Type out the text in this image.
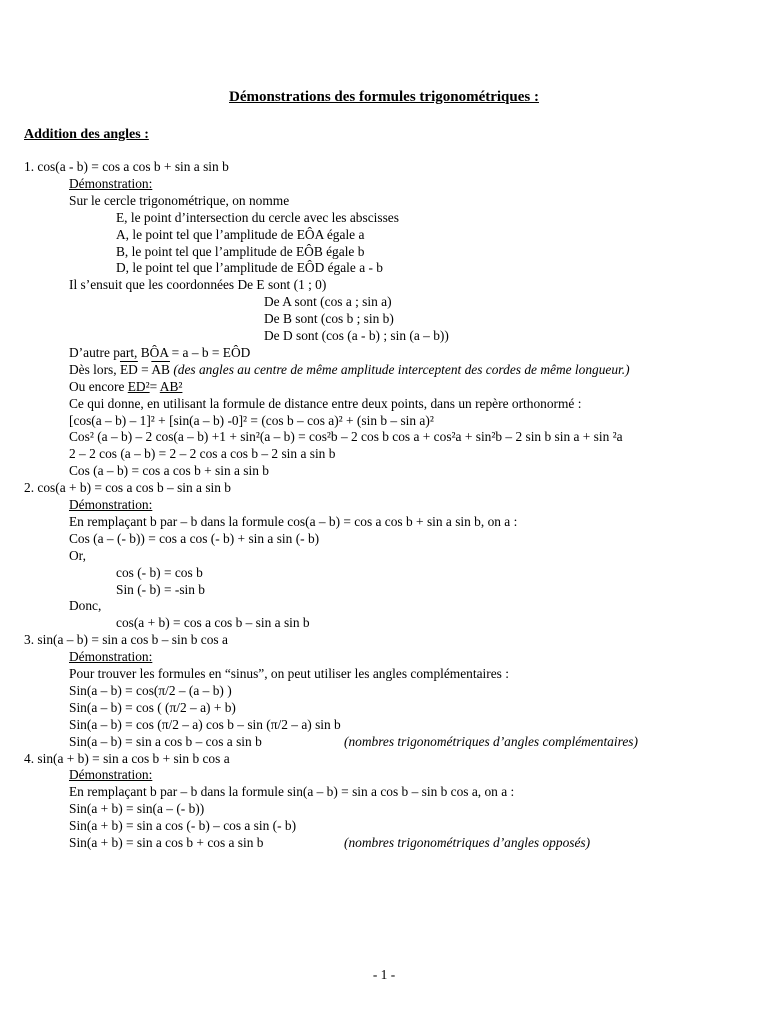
Démonstrations des formules trigonométriques :
Addition des angles :
1. cos(a - b) = cos a cos b + sin a sin b
Démonstration:
Sur le cercle trigonométrique, on nomme
E, le point d’intersection du cercle avec les abscisses
A, le point tel que l’amplitude de EÔA égale a
B, le point tel que l’amplitude de EÔB égale b
D, le point tel que l’amplitude de EÔD égale a - b
Il s’ensuit que les coordonnées De E sont (1 ; 0)
De A sont (cos a ; sin a)
De B sont (cos b ; sin b)
De D sont (cos (a - b) ; sin (a – b))
D’autre part, BÔA = a – b = EÔD
Dès lors, $\overline{ED} = \overline{AB}$ (des angles au centre de même amplitude interceptent des cordes de même longueur.)
Ou encore ED²= AB²
Ce qui donne, en utilisant la formule de distance entre deux points, dans un repère orthonormé :
[cos(a – b) – 1]² + [sin(a – b) -0]² = (cos b – cos a)² + (sin b – sin a)²
Cos² (a – b) – 2 cos(a – b) +1 + sin²(a – b) = cos²b – 2 cos b cos a + cos²a + sin²b – 2 sin b sin a + sin ²a
2 – 2 cos (a – b) = 2 – 2 cos a cos b – 2 sin a sin b
Cos (a – b) = cos a cos b + sin a sin b
2. cos(a + b) = cos a cos b – sin a sin b
Démonstration:
En remplaçant b par – b dans la formule cos(a – b) = cos a cos b + sin a sin b, on a :
Cos (a – (- b)) = cos a cos (- b) + sin a sin (- b)
Or,
cos (- b) = cos b
Sin (- b) = -sin b
Donc,
cos(a + b) = cos a cos b – sin a sin b
3. sin(a – b) = sin a cos b – sin b cos a
Démonstration:
Pour trouver les formules en “sinus”, on peut utiliser les angles complémentaires :
Sin(a – b) = cos(π/2 – (a – b) )
Sin(a – b) = cos ( (π/2 – a) + b)
Sin(a – b) = cos (π/2 – a) cos b – sin (π/2 – a) sin b
Sin(a – b) = sin a cos b – cos a sin b	(nombres trigonométriques d’angles complémentaires)
4. sin(a + b) = sin a cos b + sin b cos a
Démonstration:
En remplaçant b par – b dans la formule sin(a – b) = sin a cos b – sin b cos a, on a :
Sin(a + b) = sin(a – (- b))
Sin(a + b) = sin a cos (- b) – cos a sin (- b)
Sin(a + b) = sin a cos b + cos a sin b	(nombres trigonométriques d’angles opposés)
- 1 -
